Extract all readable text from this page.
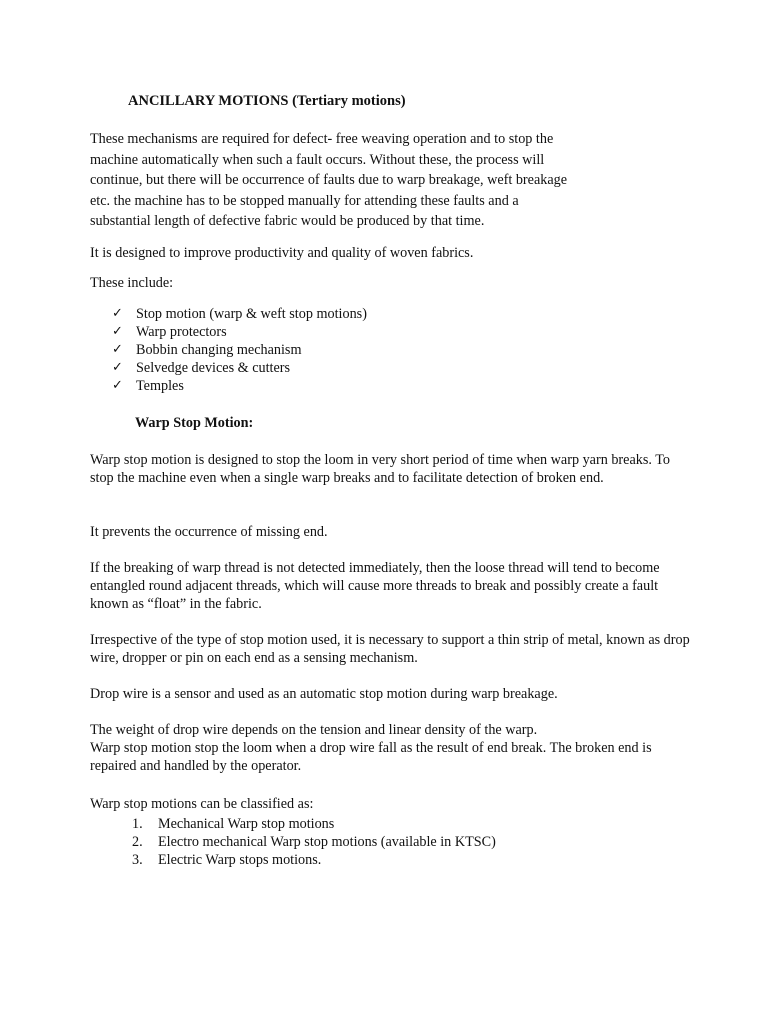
ANCILLARY MOTIONS (Tertiary motions)

These mechanisms are required for defect- free weaving operation and to stop the machine automatically when such a fault occurs. Without these, the process will continue, but there will be occurrence of faults due to warp breakage, weft breakage etc. the machine has to be stopped manually for attending these faults and a substantial length of defective fabric would be produced by that time.

It is designed to improve productivity and quality of woven fabrics.

These include:

✓ Stop motion (warp & weft stop motions)
✓ Warp protectors
✓ Bobbin changing mechanism
✓ Selvedge devices & cutters
✓ Temples

Warp Stop Motion:

Warp stop motion is designed to stop the loom in very short period of time when warp yarn breaks. To stop the machine even when a single warp breaks and to facilitate detection of broken end.

It prevents the occurrence of missing end.

If the breaking of warp thread is not detected immediately, then the loose thread will tend to become entangled round adjacent threads, which will cause more threads to break and possibly create a fault known as “float” in the fabric.

Irrespective of the type of stop motion used, it is necessary to support a thin strip of metal, known as drop wire, dropper or pin on each end as a sensing mechanism.

Drop wire is a sensor and used as an automatic stop motion during warp breakage.

The weight of drop wire depends on the tension and linear density of the warp.

Warp stop motion stop the loom when a drop wire fall as the result of end break. The broken end is repaired and handled by the operator.

Warp stop motions can be classified as:

1. Mechanical Warp stop motions
2. Electro mechanical Warp stop motions (available in KTSC)
3. Electric Warp stops motions.
